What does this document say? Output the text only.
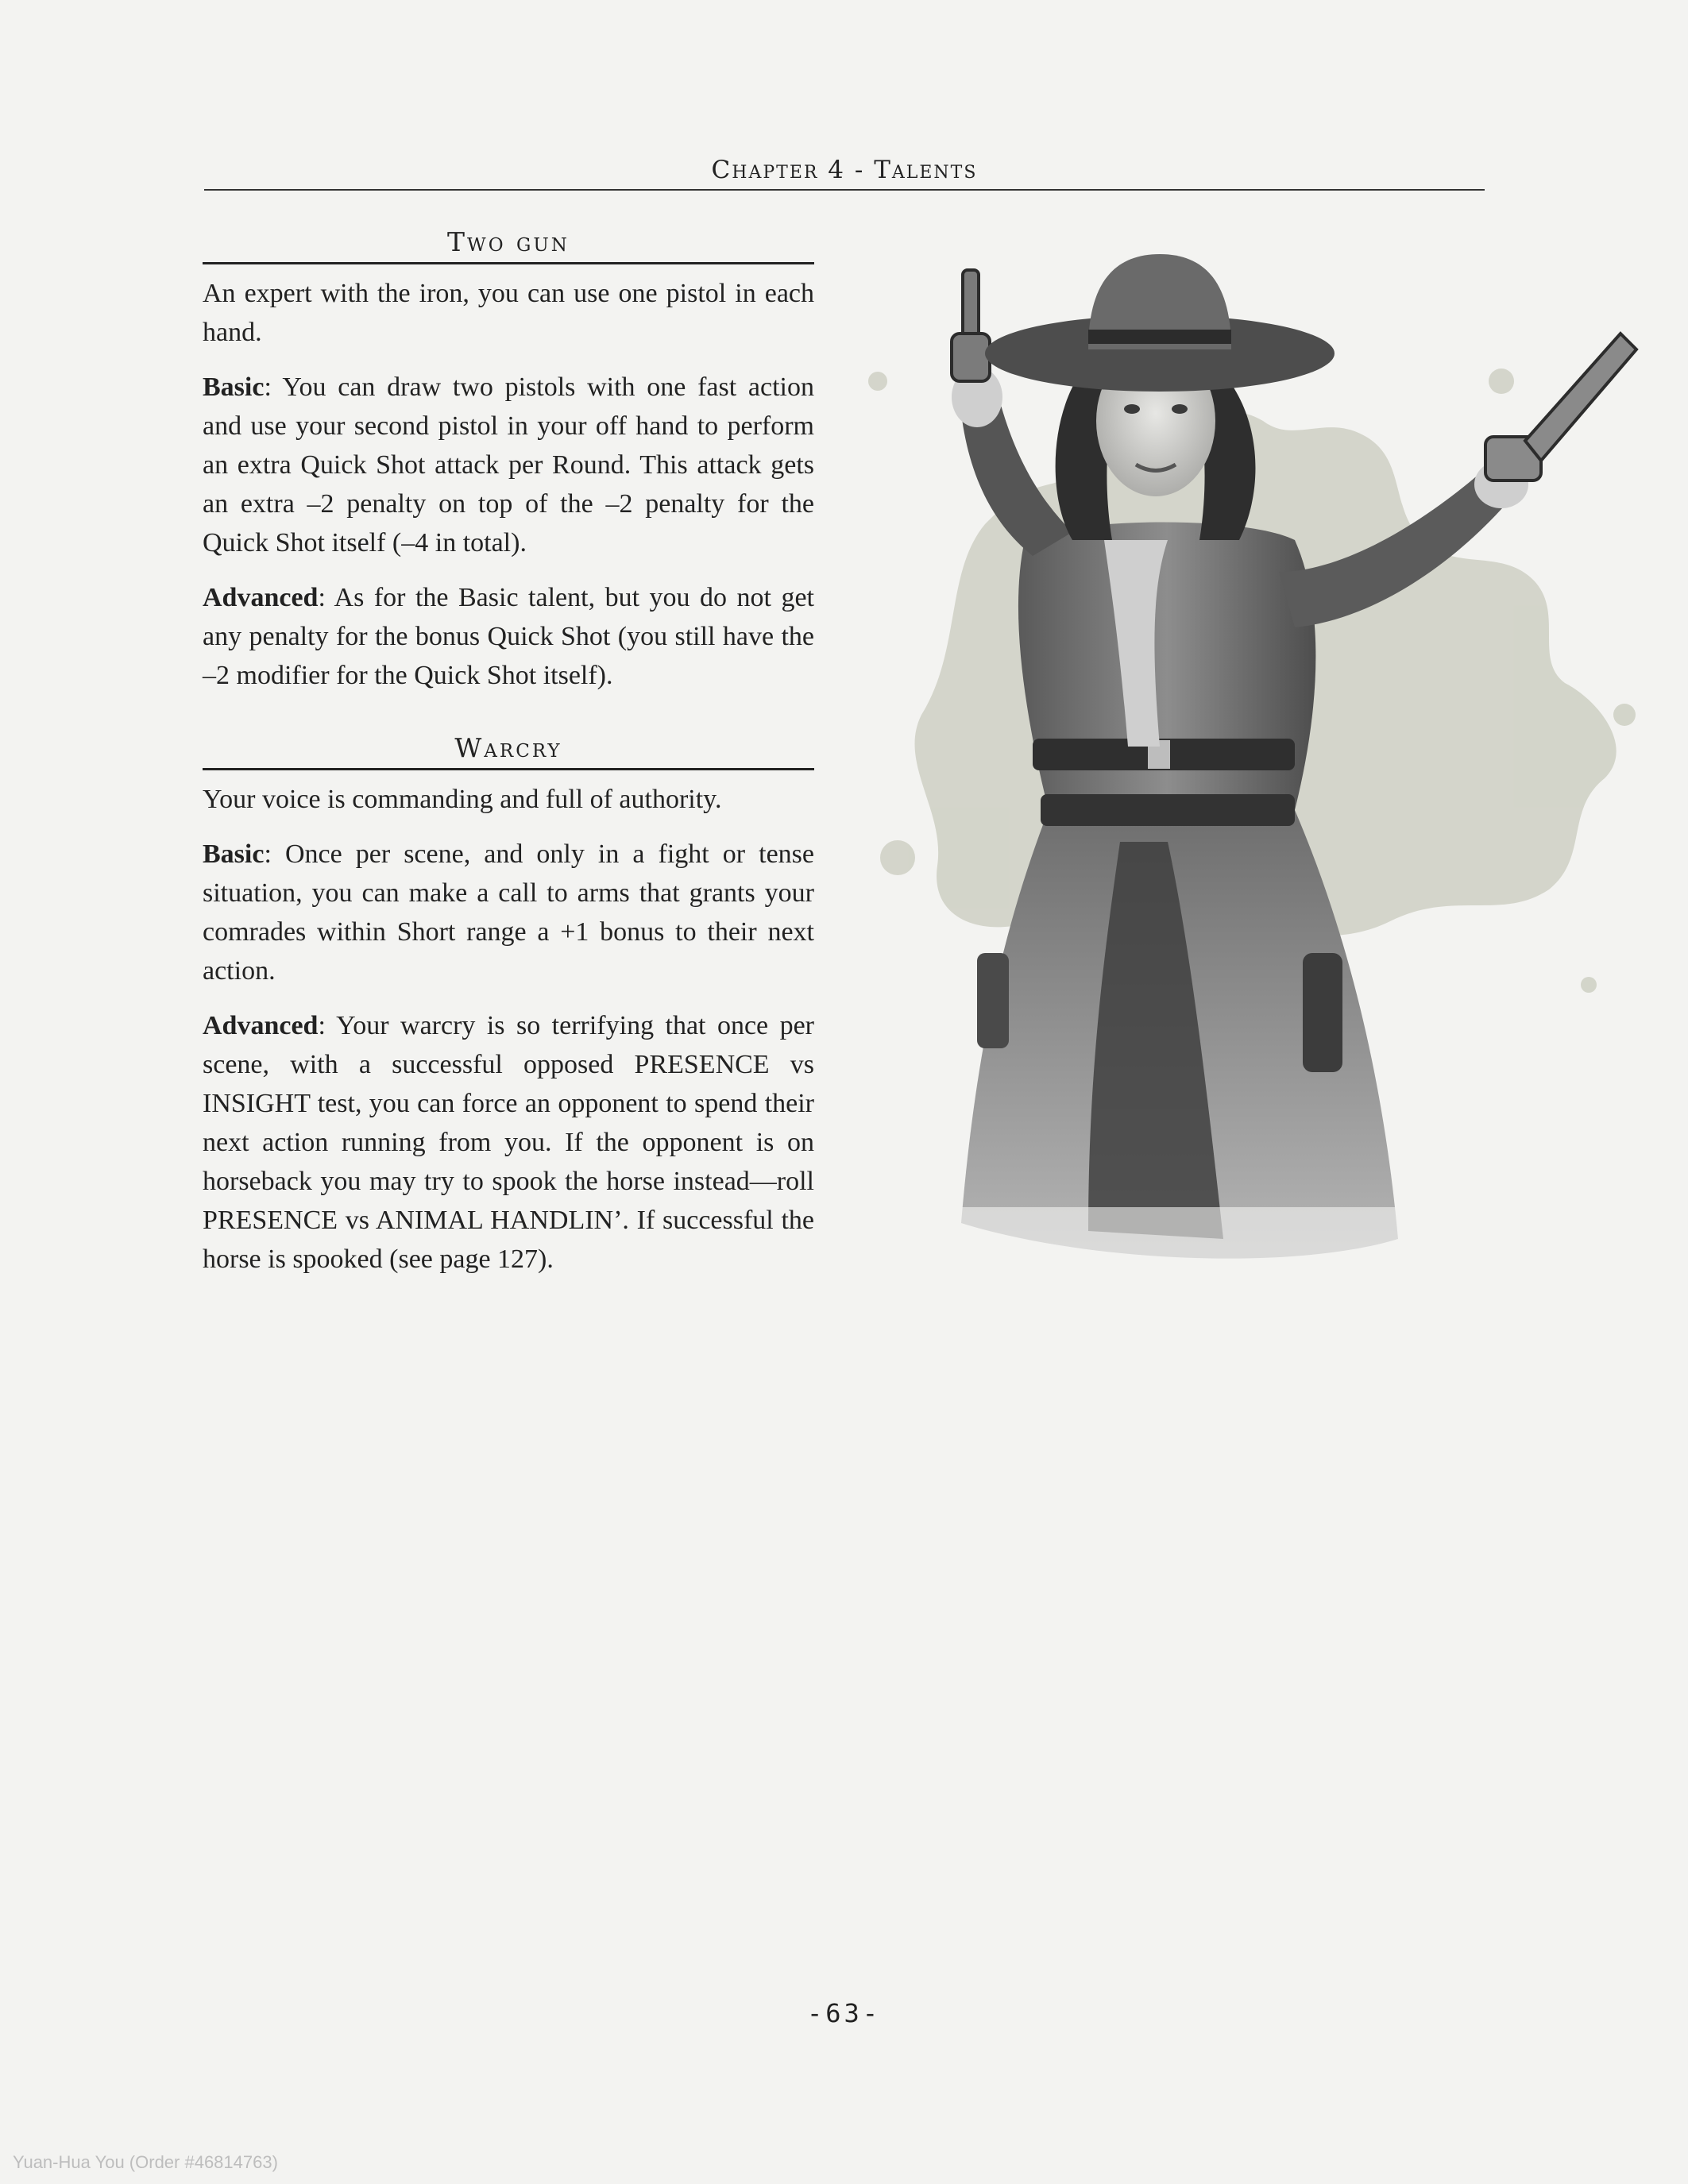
Chapter 4 - Talents
Two gun

An expert with the iron, you can use one pistol in each hand.

Basic: You can draw two pistols with one fast action and use your second pistol in your off hand to perform an extra Quick Shot attack per Round. This attack gets an extra –2 penalty on top of the –2 penalty for the Quick Shot itself (–4 in total).

Advanced: As for the Basic talent, but you do not get any penalty for the bonus Quick Shot (you still have the –2 modifier for the Quick Shot itself).

Warcry

Your voice is commanding and full of authority.

Basic: Once per scene, and only in a fight or tense situation, you can make a call to arms that grants your comrades within Short range a +1 bonus to their next action.

Advanced: Your warcry is so terrifying that once per scene, with a successful opposed PRESENCE vs INSIGHT test, you can force an opponent to spend their next action running from you. If the opponent is on horseback you may try to spook the horse instead—roll PRESENCE vs ANIMAL HANDLIN’. If successful the horse is spooked (see page 127).

-63-
Yuan-Hua You (Order #46814763)
